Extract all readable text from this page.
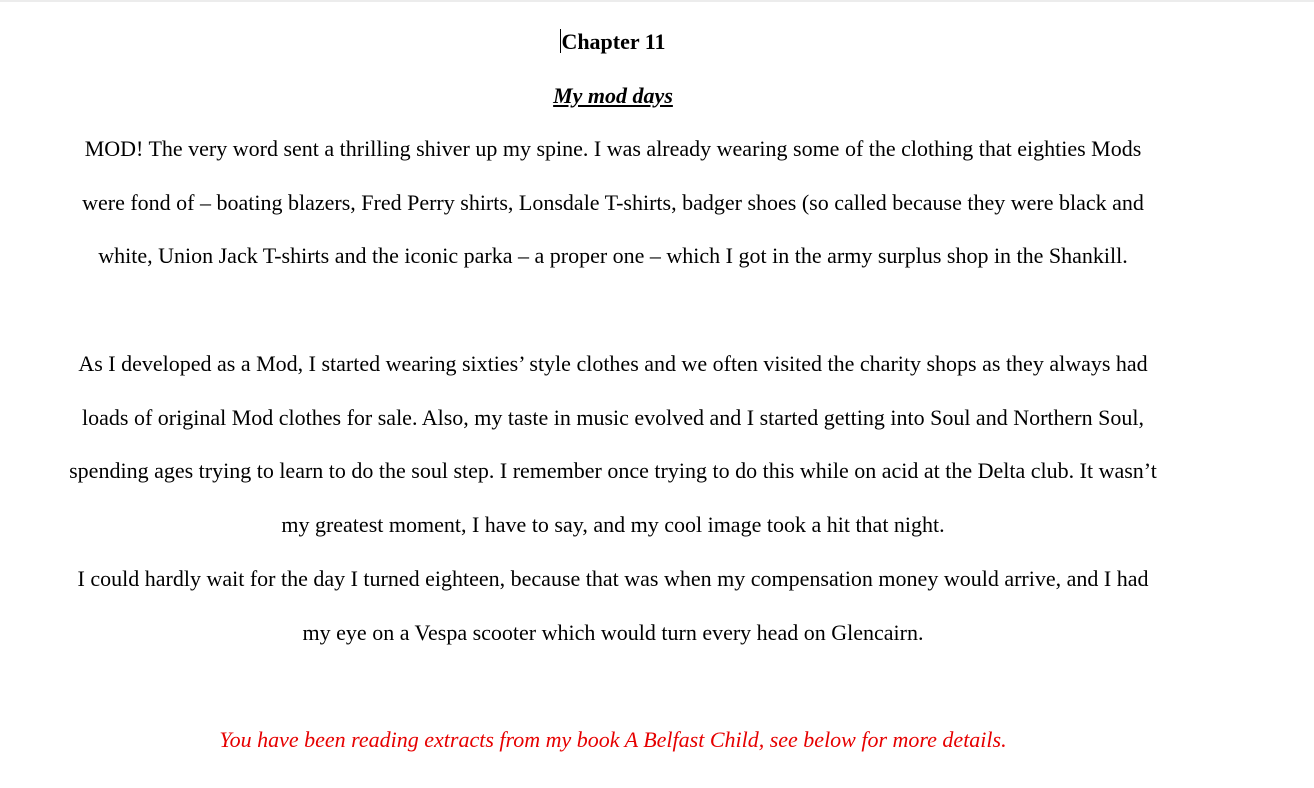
Chapter 11
My mod days
MOD! The very word sent a thrilling shiver up my spine. I was already wearing some of the clothing that eighties Mods
were fond of – boating blazers, Fred Perry shirts, Lonsdale T-shirts, badger shoes (so called because they were black and
white, Union Jack T-shirts and the iconic parka – a proper one – which I got in the army surplus shop in the Shankill.
As I developed as a Mod, I started wearing sixties’ style clothes and we often visited the charity shops as they always had
loads of original Mod clothes for sale. Also, my taste in music evolved and I started getting into Soul and Northern Soul,
spending ages trying to learn to do the soul step. I remember once trying to do this while on acid at the Delta club. It wasn’t
my greatest moment, I have to say, and my cool image took a hit that night.
I could hardly wait for the day I turned eighteen, because that was when my compensation money would arrive, and I had
my eye on a Vespa scooter which would turn every head on Glencairn.
You have been reading extracts from my book A Belfast Child, see below for more details.
